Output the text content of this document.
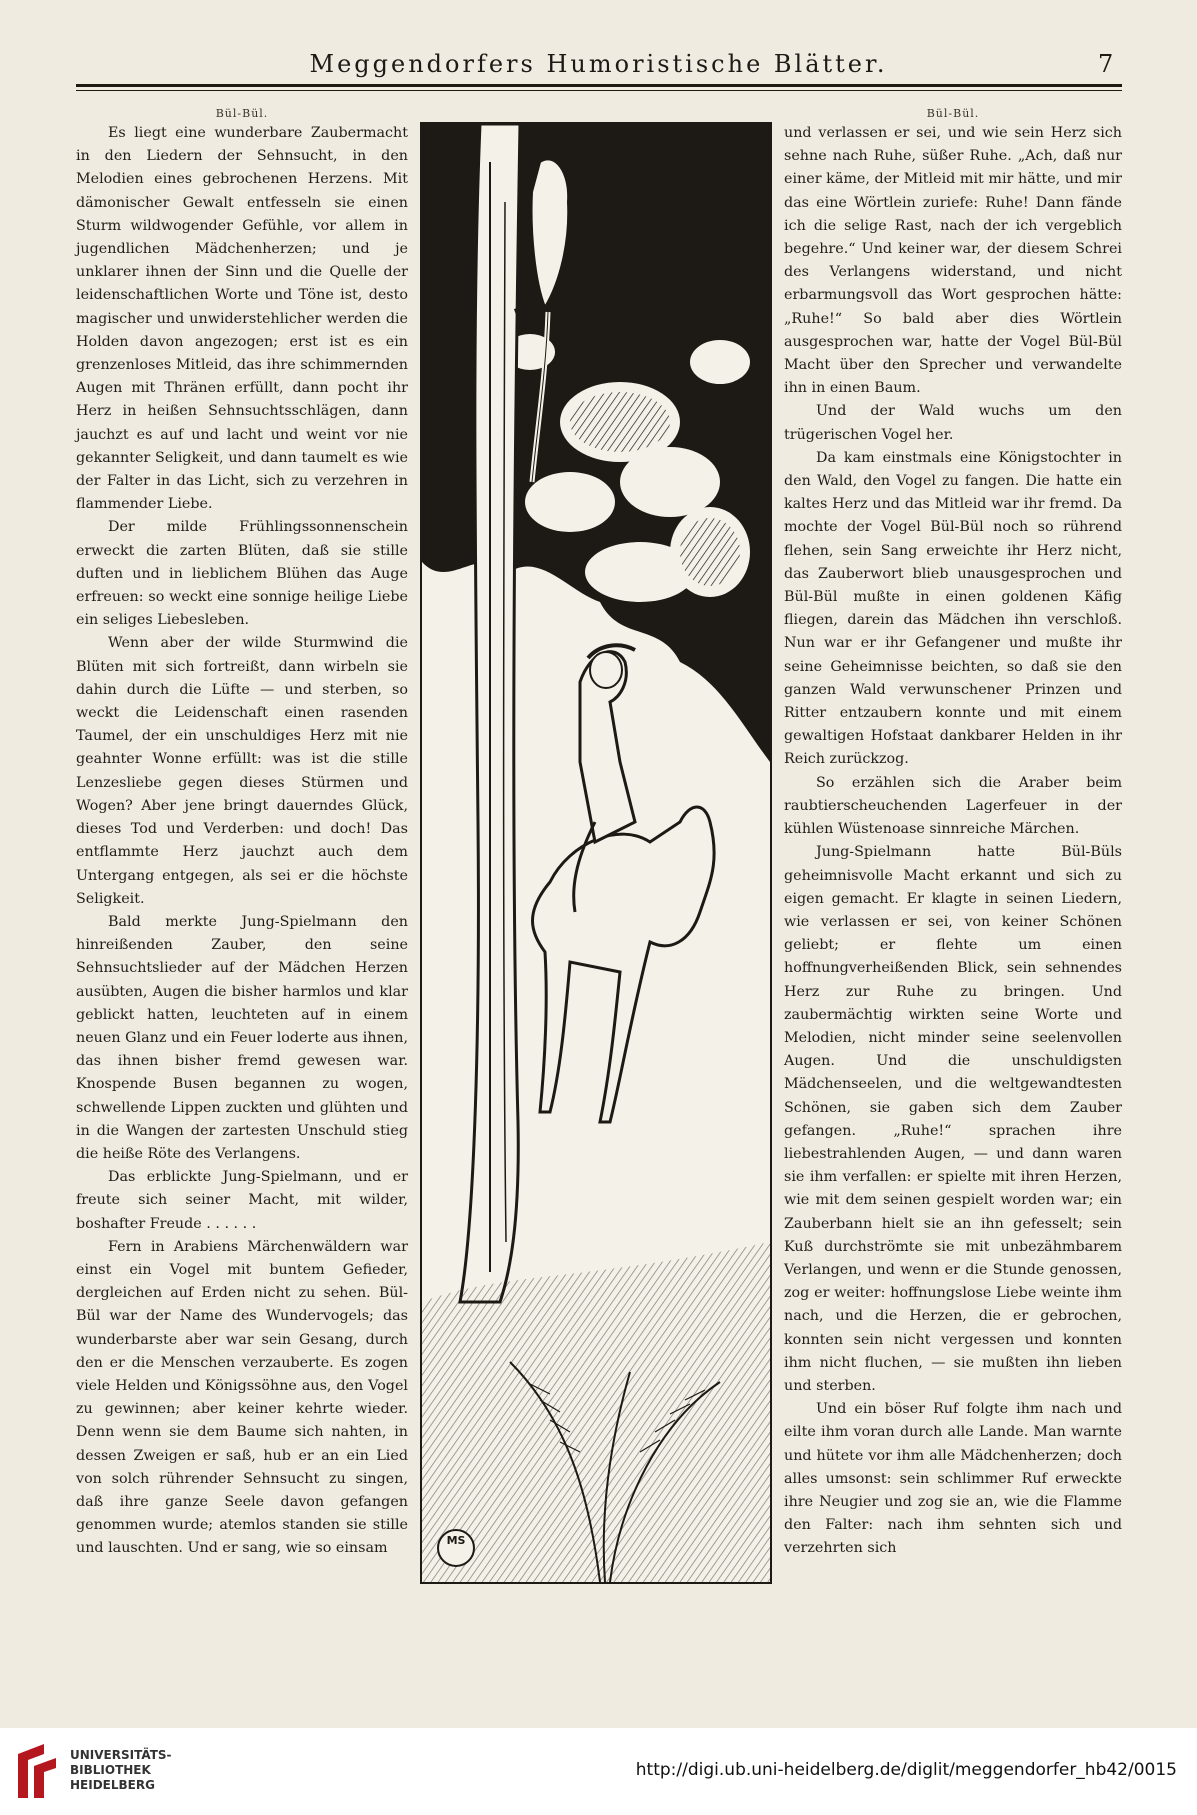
Meggendorfers Humoristische Blätter.	7
Bül-Bül.	Bül-Bül.

Es liegt eine wunderbare Zaubermacht in den Liedern der Sehnsucht, in den Melodien eines gebrochenen Herzens. Mit dämonischer Gewalt entfesseln sie einen Sturm wildwogender Gefühle, vor allem in jugendlichen Mädchenherzen; und je unklarer ihnen der Sinn und die Quelle der leidenschaftlichen Worte und Töne ist, desto magischer und unwiderstehlicher werden die Holden davon angezogen; erst ist es ein grenzenloses Mitleid, das ihre schimmernden Augen mit Thränen erfüllt, dann pocht ihr Herz in heißen Sehnsuchtsschlägen, dann jauchzt es auf und lacht und weint vor nie gekannter Seligkeit, und dann taumelt es wie der Falter in das Licht, sich zu verzehren in flammender Liebe.

Der milde Frühlingssonnenschein erweckt die zarten Blüten, daß sie stille duften und in lieblichem Blühen das Auge erfreuen: so weckt eine sonnige heilige Liebe ein seliges Liebesleben.

Wenn aber der wilde Sturmwind die Blüten mit sich fortreißt, dann wirbeln sie dahin durch die Lüfte — und sterben, so weckt die Leidenschaft einen rasenden Taumel, der ein unschuldiges Herz mit nie geahnter Wonne erfüllt: was ist die stille Lenzesliebe gegen dieses Stürmen und Wogen? Aber jene bringt dauerndes Glück, dieses Tod und Verderben: und doch! Das entflammte Herz jauchzt auch dem Untergang entgegen, als sei er die höchste Seligkeit.

Bald merkte Jung-Spielmann den hinreißenden Zauber, den seine Sehnsuchtslieder auf der Mädchen Herzen ausübten, Augen die bisher harmlos und klar geblickt hatten, leuchteten auf in einem neuen Glanz und ein Feuer loderte aus ihnen, das ihnen bisher fremd gewesen war. Knospende Busen begannen zu wogen, schwellende Lippen zuckten und glühten und in die Wangen der zartesten Unschuld stieg die heiße Röte des Verlangens.

Das erblickte Jung-Spielmann, und er freute sich seiner Macht, mit wilder, boshafter Freude . . . . . .

Fern in Arabiens Märchenwäldern war einst ein Vogel mit buntem Gefieder, dergleichen auf Erden nicht zu sehen. Bül-Bül war der Name des Wundervogels; das wunderbarste aber war sein Gesang, durch den er die Menschen verzauberte. Es zogen viele Helden und Königssöhne aus, den Vogel zu gewinnen; aber keiner kehrte wieder. Denn wenn sie dem Baume sich nahten, in dessen Zweigen er saß, hub er an ein Lied von solch rührender Sehnsucht zu singen, daß ihre ganze Seele davon gefangen genommen wurde; atemlos standen sie stille und lauschten. Und er sang, wie so einsam	MS

und verlassen er sei, und wie sein Herz sich sehne nach Ruhe, süßer Ruhe. „Ach, daß nur einer käme, der Mitleid mit mir hätte, und mir das eine Wörtlein zuriefe: Ruhe! Dann fände ich die selige Rast, nach der ich vergeblich begehre.“ Und keiner war, der diesem Schrei des Verlangens widerstand, und nicht erbarmungsvoll das Wort gesprochen hätte: „Ruhe!“ So bald aber dies Wörtlein ausgesprochen war, hatte der Vogel Bül-Bül Macht über den Sprecher und verwandelte ihn in einen Baum.

Und der Wald wuchs um den trügerischen Vogel her.

Da kam einstmals eine Königstochter in den Wald, den Vogel zu fangen. Die hatte ein kaltes Herz und das Mitleid war ihr fremd. Da mochte der Vogel Bül-Bül noch so rührend flehen, sein Sang erweichte ihr Herz nicht, das Zauberwort blieb unausgesprochen und Bül-Bül mußte in einen goldenen Käfig fliegen, darein das Mädchen ihn verschloß. Nun war er ihr Gefangener und mußte ihr seine Geheimnisse beichten, so daß sie den ganzen Wald verwunschener Prinzen und Ritter entzaubern konnte und mit einem gewaltigen Hofstaat dankbarer Helden in ihr Reich zurückzog.

So erzählen sich die Araber beim raubtierscheuchenden Lagerfeuer in der kühlen Wüstenoase sinnreiche Märchen.

Jung-Spielmann hatte Bül-Büls geheimnisvolle Macht erkannt und sich zu eigen gemacht. Er klagte in seinen Liedern, wie verlassen er sei, von keiner Schönen geliebt; er flehte um einen hoffnungverheißenden Blick, sein sehnendes Herz zur Ruhe zu bringen. Und zaubermächtig wirkten seine Worte und Melodien, nicht minder seine seelenvollen Augen. Und die unschuldigsten Mädchenseelen, und die weltgewandtesten Schönen, sie gaben sich dem Zauber gefangen. „Ruhe!“ sprachen ihre liebestrahlenden Augen, — und dann waren sie ihm verfallen: er spielte mit ihren Herzen, wie mit dem seinen gespielt worden war; ein Zauberbann hielt sie an ihn gefesselt; sein Kuß durchströmte sie mit unbezähmbarem Verlangen, und wenn er die Stunde genossen, zog er weiter: hoffnungslose Liebe weinte ihm nach, und die Herzen, die er gebrochen, konnten sein nicht vergessen und konnten ihm nicht fluchen, — sie mußten ihn lieben und sterben.

Und ein böser Ruf folgte ihm nach und eilte ihm voran durch alle Lande. Man warnte und hütete vor ihm alle Mädchenherzen; doch alles umsonst: sein schlimmer Ruf erweckte ihre Neugier und zog sie an, wie die Flamme den Falter: nach ihm sehnten sich und verzehrten sich

UNIVERSITÄTS-
BIBLIOTHEK
HEIDELBERG
http://digi.ub.uni-heidelberg.de/diglit/meggendorfer_hb42/0015
